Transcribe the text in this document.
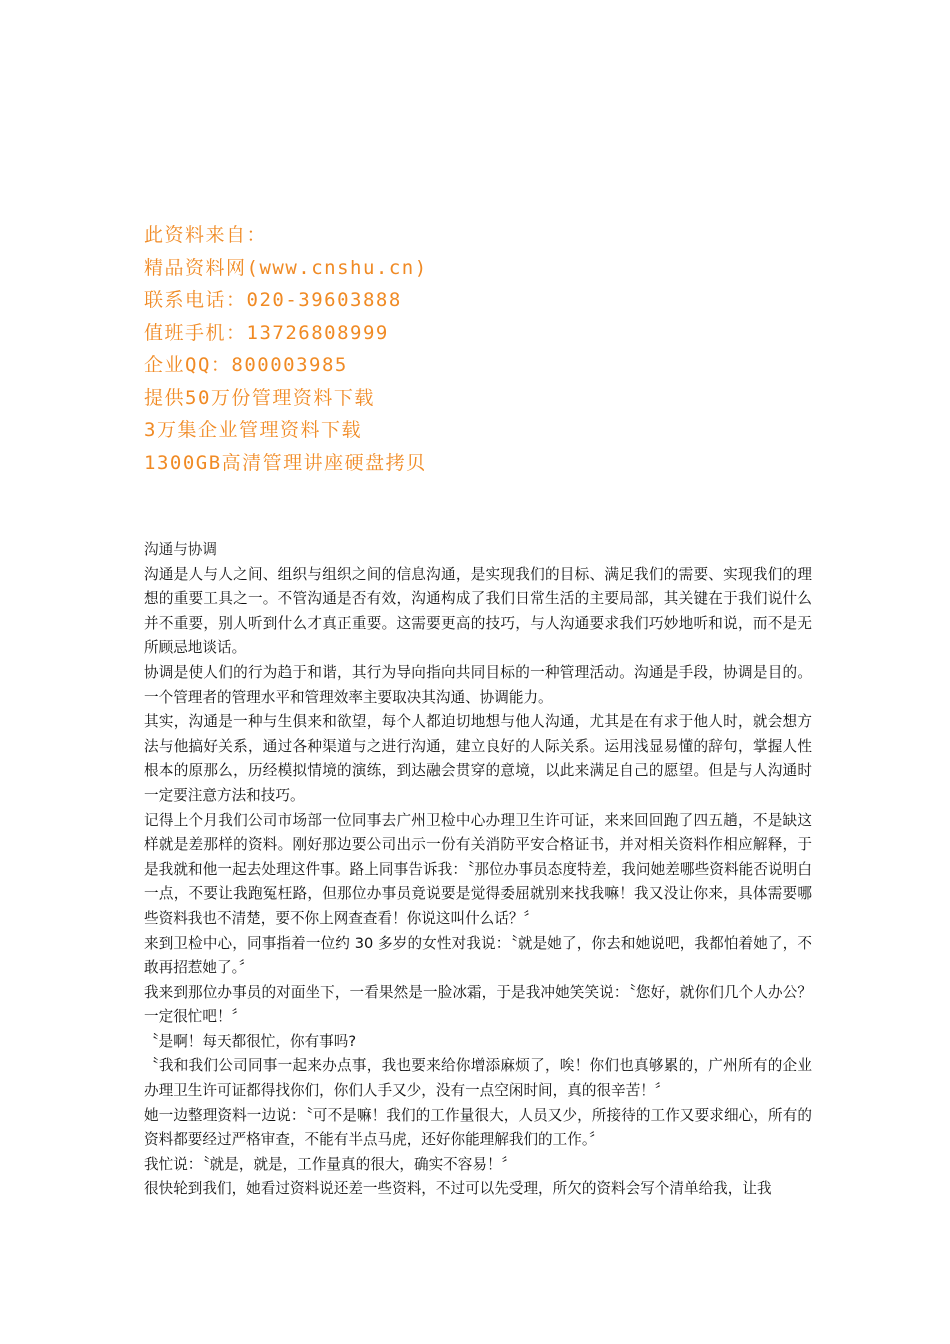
此资料来自：
精品资料网(www.cnshu.cn)
联系电话：020-39603888
值班手机：13726808999
企业QQ：800003985
提供50万份管理资料下载
3万集企业管理资料下载
1300GB高清管理讲座硬盘拷贝
沟通与协调

沟通是人与人之间、组织与组织之间的信息沟通，是实现我们的目标、满足我们的需要、实现我们的理想的重要工具之一。不管沟通是否有效，沟通构成了我们日常生活的主要局部，其关键在于我们说什么并不重要，别人听到什么才真正重要。这需要更高的技巧，与人沟通要求我们巧妙地听和说，而不是无所顾忌地谈话。

协调是使人们的行为趋于和谐，其行为导向指向共同目标的一种管理活动。沟通是手段，协调是目的。一个管理者的管理水平和管理效率主要取决其沟通、协调能力。

其实，沟通是一种与生俱来和欲望，每个人都迫切地想与他人沟通，尤其是在有求于他人时，就会想方法与他搞好关系，通过各种渠道与之进行沟通，建立良好的人际关系。运用浅显易懂的辞句，掌握人性根本的原那么，历经模拟情境的演练，到达融会贯穿的意境，以此来满足自己的愿望。但是与人沟通时一定要注意方法和技巧。

记得上个月我们公司市场部一位同事去广州卫检中心办理卫生许可证，来来回回跑了四五趟，不是缺这样就是差那样的资料。刚好那边要公司出示一份有关消防平安合格证书，并对相关资料作相应解释，于是我就和他一起去处理这件事。路上同事告诉我：〝那位办事员态度特差，我问她差哪些资料能否说明白一点，不要让我跑冤枉路，但那位办事员竟说要是觉得委屈就别来找我嘛！我又没让你来，具体需要哪些资料我也不清楚，要不你上网查查看！你说这叫什么话？〞

来到卫检中心，同事指着一位约 30 多岁的女性对我说：〝就是她了，你去和她说吧，我都怕着她了，不敢再招惹她了。〞

我来到那位办事员的对面坐下，一看果然是一脸冰霜，于是我冲她笑笑说：〝您好，就你们几个人办公？一定很忙吧！〞

〝是啊！每天都很忙，你有事吗?

〝我和我们公司同事一起来办点事，我也要来给你增添麻烦了，唉！你们也真够累的，广州所有的企业办理卫生许可证都得找你们，你们人手又少，没有一点空闲时间，真的很辛苦！〞

她一边整理资料一边说：〝可不是嘛！我们的工作量很大，人员又少，所接待的工作又要求细心，所有的资料都要经过严格审查，不能有半点马虎，还好你能理解我们的工作。〞

我忙说：〝就是，就是，工作量真的很大，确实不容易！〞

很快轮到我们，她看过资料说还差一些资料，不过可以先受理，所欠的资料会写个清单给我，让我
